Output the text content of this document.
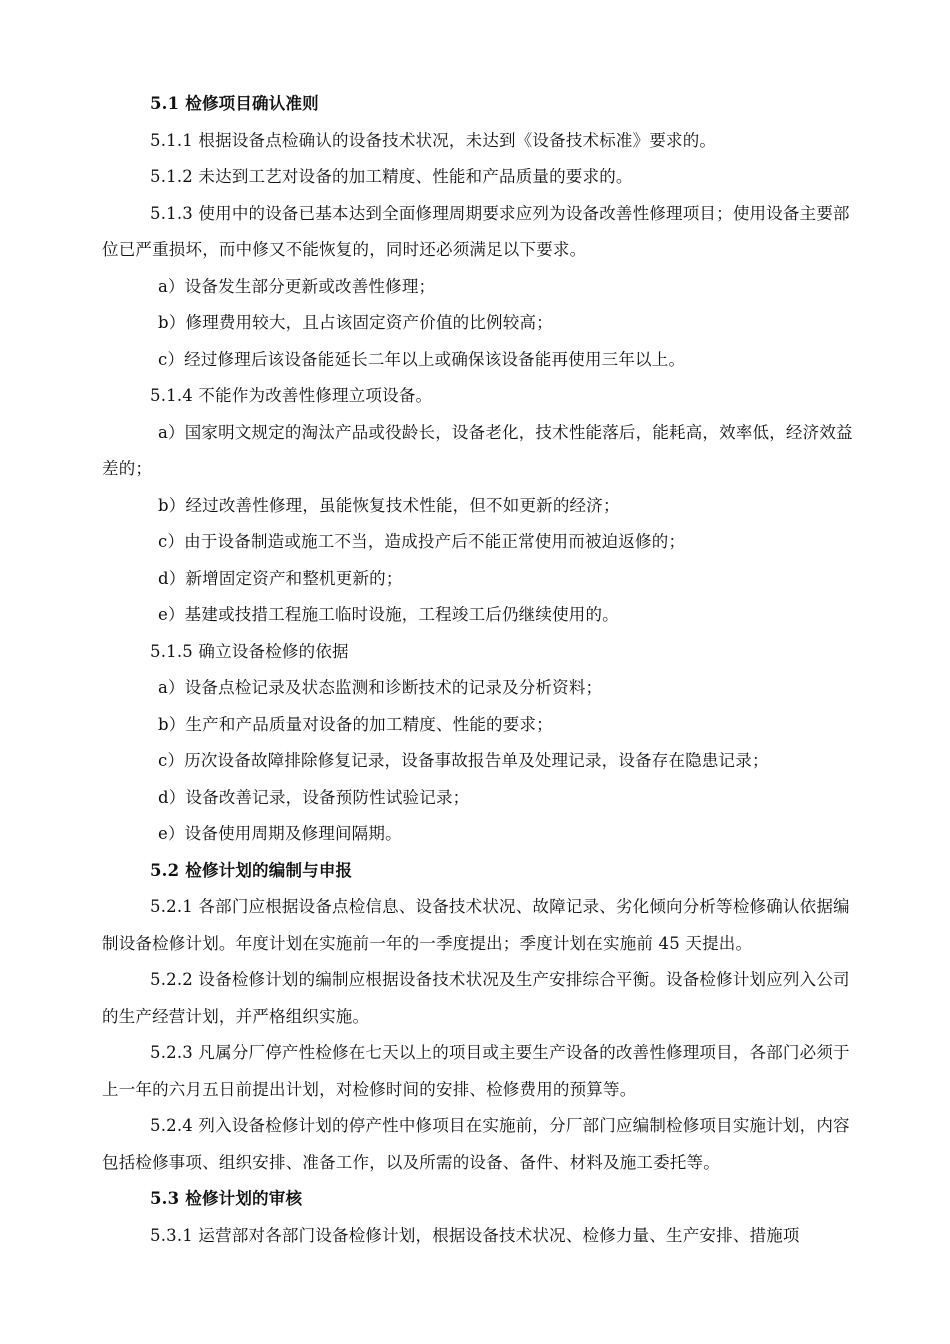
5.1 检修项目确认准则

5.1.1 根据设备点检确认的设备技术状况，未达到《设备技术标准》要求的。

5.1.2 未达到工艺对设备的加工精度、性能和产品质量的要求的。

5.1.3 使用中的设备已基本达到全面修理周期要求应列为设备改善性修理项目；使用设备主要部位已严重损坏，而中修又不能恢复的，同时还必须满足以下要求。

a）设备发生部分更新或改善性修理；

b）修理费用较大，且占该固定资产价值的比例较高；

c）经过修理后该设备能延长二年以上或确保该设备能再使用三年以上。

5.1.4 不能作为改善性修理立项设备。

a）国家明文规定的淘汰产品或役龄长，设备老化，技术性能落后，能耗高，效率低，经济效益差的；

b）经过改善性修理，虽能恢复技术性能，但不如更新的经济；

c）由于设备制造或施工不当，造成投产后不能正常使用而被迫返修的；

d）新增固定资产和整机更新的；

e）基建或技措工程施工临时设施，工程竣工后仍继续使用的。

5.1.5 确立设备检修的依据

a）设备点检记录及状态监测和诊断技术的记录及分析资料；

b）生产和产品质量对设备的加工精度、性能的要求；

c）历次设备故障排除修复记录，设备事故报告单及处理记录，设备存在隐患记录；

d）设备改善记录，设备预防性试验记录；

e）设备使用周期及修理间隔期。

5.2 检修计划的编制与申报

5.2.1 各部门应根据设备点检信息、设备技术状况、故障记录、劣化倾向分析等检修确认依据编制设备检修计划。年度计划在实施前一年的一季度提出；季度计划在实施前 45 天提出。

5.2.2 设备检修计划的编制应根据设备技术状况及生产安排综合平衡。设备检修计划应列入公司的生产经营计划，并严格组织实施。

5.2.3 凡属分厂停产性检修在七天以上的项目或主要生产设备的改善性修理项目，各部门必须于上一年的六月五日前提出计划，对检修时间的安排、检修费用的预算等。

5.2.4 列入设备检修计划的停产性中修项目在实施前，分厂部门应编制检修项目实施计划，内容包括检修事项、组织安排、准备工作，以及所需的设备、备件、材料及施工委托等。

5.3 检修计划的审核

5.3.1 运营部对各部门设备检修计划，根据设备技术状况、检修力量、生产安排、措施项
